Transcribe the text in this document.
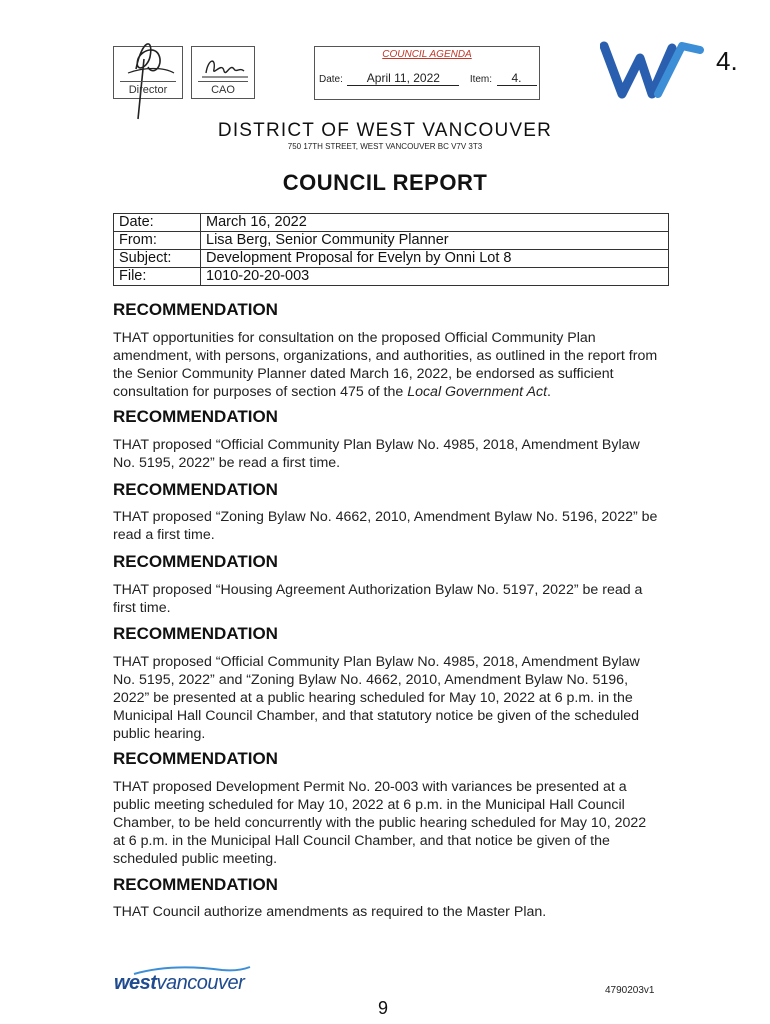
Director	CAO
COUNCIL AGENDA
Date: April 11, 2022	Item: 4.
4.
DISTRICT OF WEST VANCOUVER
750 17TH STREET, WEST VANCOUVER BC V7V 3T3
COUNCIL REPORT
Date:	March 16, 2022
From:	Lisa Berg, Senior Community Planner
Subject:	Development Proposal for Evelyn by Onni Lot 8
File:	1010-20-20-003
RECOMMENDATION
THAT opportunities for consultation on the proposed Official Community Plan amendment, with persons, organizations, and authorities, as outlined in the report from the Senior Community Planner dated March 16, 2022, be endorsed as sufficient consultation for purposes of section 475 of the Local Government Act.
RECOMMENDATION
THAT proposed “Official Community Plan Bylaw No. 4985, 2018, Amendment Bylaw No. 5195, 2022” be read a first time.
RECOMMENDATION
THAT proposed “Zoning Bylaw No. 4662, 2010, Amendment Bylaw No. 5196, 2022” be read a first time.
RECOMMENDATION
THAT proposed “Housing Agreement Authorization Bylaw No. 5197, 2022” be read a first time.
RECOMMENDATION
THAT proposed “Official Community Plan Bylaw No. 4985, 2018, Amendment Bylaw No. 5195, 2022” and “Zoning Bylaw No. 4662, 2010, Amendment Bylaw No. 5196, 2022” be presented at a public hearing scheduled for May 10, 2022 at 6 p.m. in the Municipal Hall Council Chamber, and that statutory notice be given of the scheduled public hearing.
RECOMMENDATION
THAT proposed Development Permit No. 20-003 with variances be presented at a public meeting scheduled for May 10, 2022 at 6 p.m. in the Municipal Hall Council Chamber, to be held concurrently with the public hearing scheduled for May 10, 2022 at 6 p.m. in the Municipal Hall Council Chamber, and that notice be given of the scheduled public meeting.
RECOMMENDATION
THAT Council authorize amendments as required to the Master Plan.
westvancouver	4790203v1
9
